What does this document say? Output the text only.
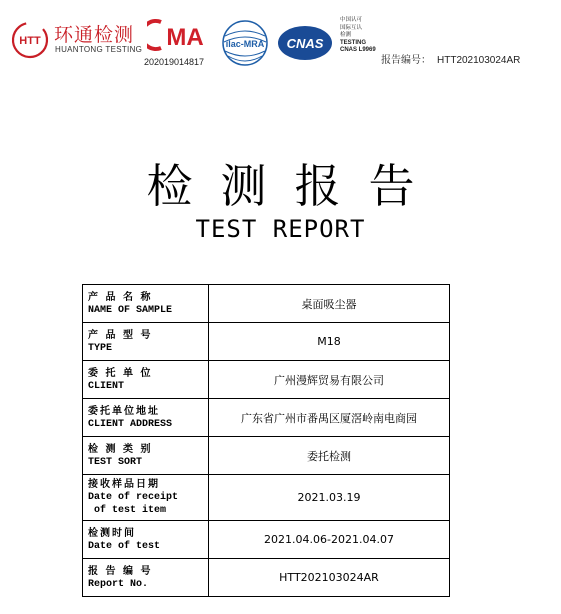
HTT 环通检测
HUANTONG TESTING MA
202019014817
ilac-MRA CNAS
中国认可
国际互认
检测
TESTING
CNAS L9969
报告编号： HTT202103024AR
检测报告
TEST REPORT
产 品 名 称
NAME OF SAMPLE	桌面吸尘器

产 品 型 号
TYPE	M18

委 托 单 位
CLIENT	广州漫辉贸易有限公司

委托单位地址
CLIENT ADDRESS	广东省广州市番禺区厦滘岭南电商园

检 测 类 别
TEST SORT	委托检测

接收样品日期
Date of receipt
of test item	2021.03.19

检测时间
Date of test	2021.04.06-2021.04.07

报 告 编 号
Report No.	HTT202103024AR
